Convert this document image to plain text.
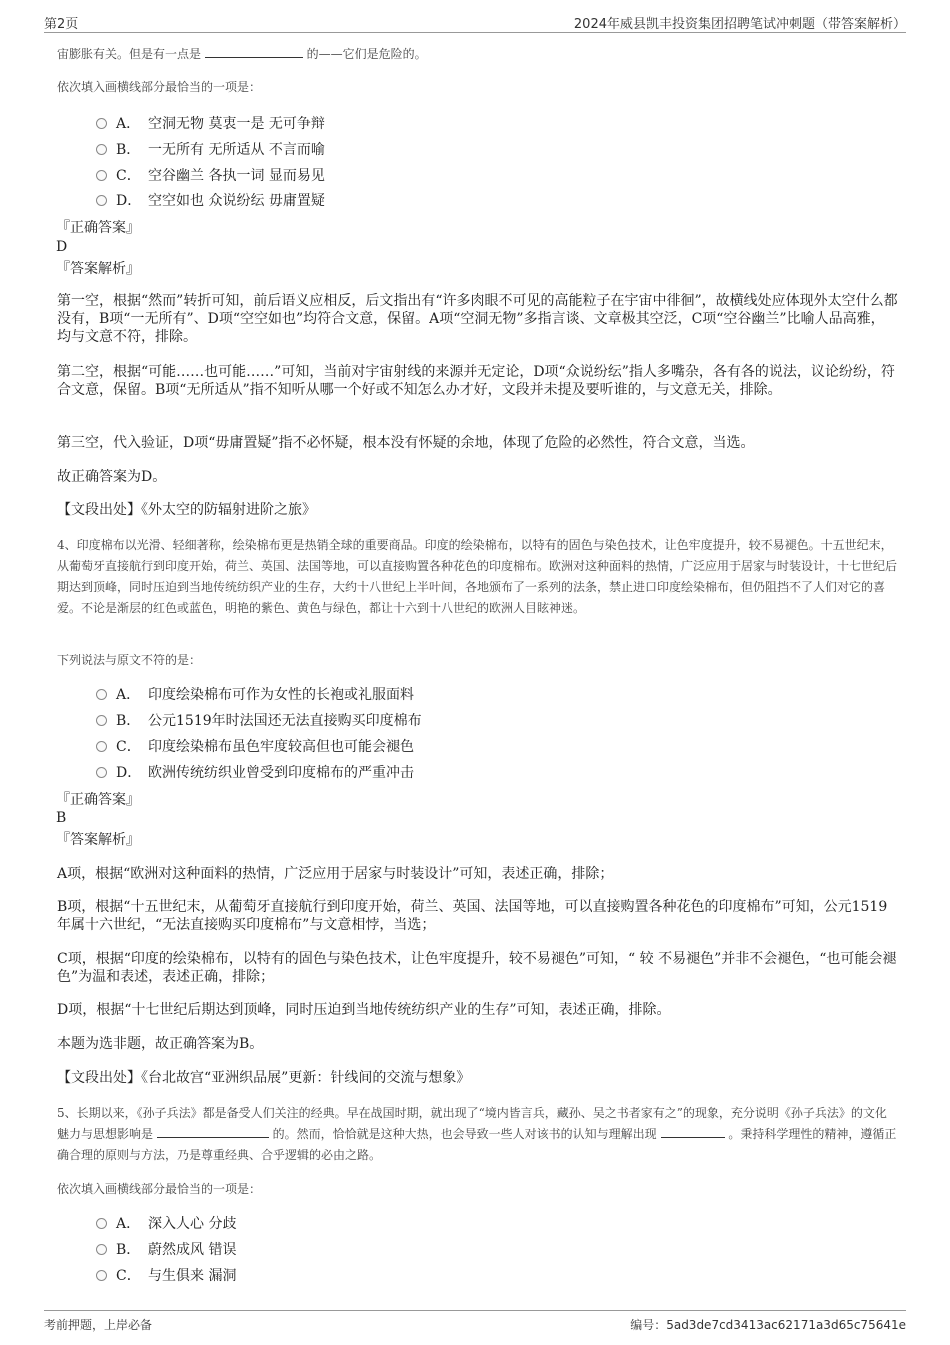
第2页	2024年威县凯丰投资集团招聘笔试冲刺题（带答案解析）
宙膨胀有关。但是有一点是	的——它们是危险的。
依次填入画横线部分最恰当的一项是：
A． 空洞无物 莫衷一是 无可争辩
B． 一无所有 无所适从 不言而喻
C． 空谷幽兰 各执一词 显而易见
D． 空空如也 众说纷纭 毋庸置疑
『正确答案』
D
『答案解析』
第一空，根据“然而”转折可知，前后语义应相反，后文指出有“许多肉眼不可见的高能粒子在宇宙中徘徊”，故横线处应体现外太空什么都没有，B项“一无所有”、D项“空空如也”均符合文意，保留。A项“空洞无物”多指言谈、文章极其空泛，C项“空谷幽兰”比喻人品高雅，均与文意不符，排除。
第二空，根据“可能……也可能……”可知，当前对宇宙射线的来源并无定论，D项“众说纷纭”指人多嘴杂，各有各的说法，议论纷纷，符合文意，保留。B项“无所适从”指不知听从哪一个好或不知怎么办才好，文段并未提及要听谁的，与文意无关，排除。
第三空，代入验证，D项“毋庸置疑”指不必怀疑，根本没有怀疑的余地，体现了危险的必然性，符合文意，当选。
故正确答案为D。
【文段出处】《外太空的防辐射进阶之旅》
4、印度棉布以光滑、轻细著称，绘染棉布更是热销全球的重要商品。印度的绘染棉布，以特有的固色与染色技术，让色牢度提升，较不易褪色。十五世纪末，从葡萄牙直接航行到印度开始，荷兰、英国、法国等地，可以直接购置各种花色的印度棉布。欧洲对这种面料的热情，广泛应用于居家与时装设计，十七世纪后期达到顶峰，同时压迫到当地传统纺织产业的生存，大约十八世纪上半叶间，各地颁布了一系列的法条，禁止进口印度绘染棉布，但仍阻挡不了人们对它的喜爱。不论是渐层的红色或蓝色，明艳的紫色、黄色与绿色，都让十六到十八世纪的欧洲人目眩神迷。
下列说法与原文不符的是：
A． 印度绘染棉布可作为女性的长袍或礼服面料
B． 公元1519年时法国还无法直接购买印度棉布
C． 印度绘染棉布虽色牢度较高但也可能会褪色
D． 欧洲传统纺织业曾受到印度棉布的严重冲击
『正确答案』
B
『答案解析』
A项，根据“欧洲对这种面料的热情，广泛应用于居家与时装设计”可知，表述正确，排除；
B项，根据“十五世纪末，从葡萄牙直接航行到印度开始，荷兰、英国、法国等地，可以直接购置各种花色的印度棉布”可知，公元1519年属十六世纪，“无法直接购买印度棉布”与文意相悖，当选；
C项，根据“印度的绘染棉布，以特有的固色与染色技术，让色牢度提升，较不易褪色”可知，“ 较 不易褪色”并非不会褪色，“也可能会褪色”为温和表述，表述正确，排除；
D项，根据“十七世纪后期达到顶峰，同时压迫到当地传统纺织产业的生存”可知，表述正确，排除。
本题为选非题，故正确答案为B。
【文段出处】《台北故宫“亚洲织品展”更新：针线间的交流与想象》
5、长期以来，《孙子兵法》都是备受人们关注的经典。早在战国时期，就出现了“境内皆言兵，藏孙、吴之书者家有之”的现象，充分说明《孙子兵法》的文化魅力与思想影响是	的。然而，恰恰就是这种大热，也会导致一些人对该书的认知与理解出现	。秉持科学理性的精神，遵循正确合理的原则与方法，乃是尊重经典、合乎逻辑的必由之路。
依次填入画横线部分最恰当的一项是：
A． 深入人心 分歧
B． 蔚然成风 错误
C． 与生俱来 漏洞
考前押题，上岸必备	编号：5ad3de7cd3413ac62171a3d65c75641e
